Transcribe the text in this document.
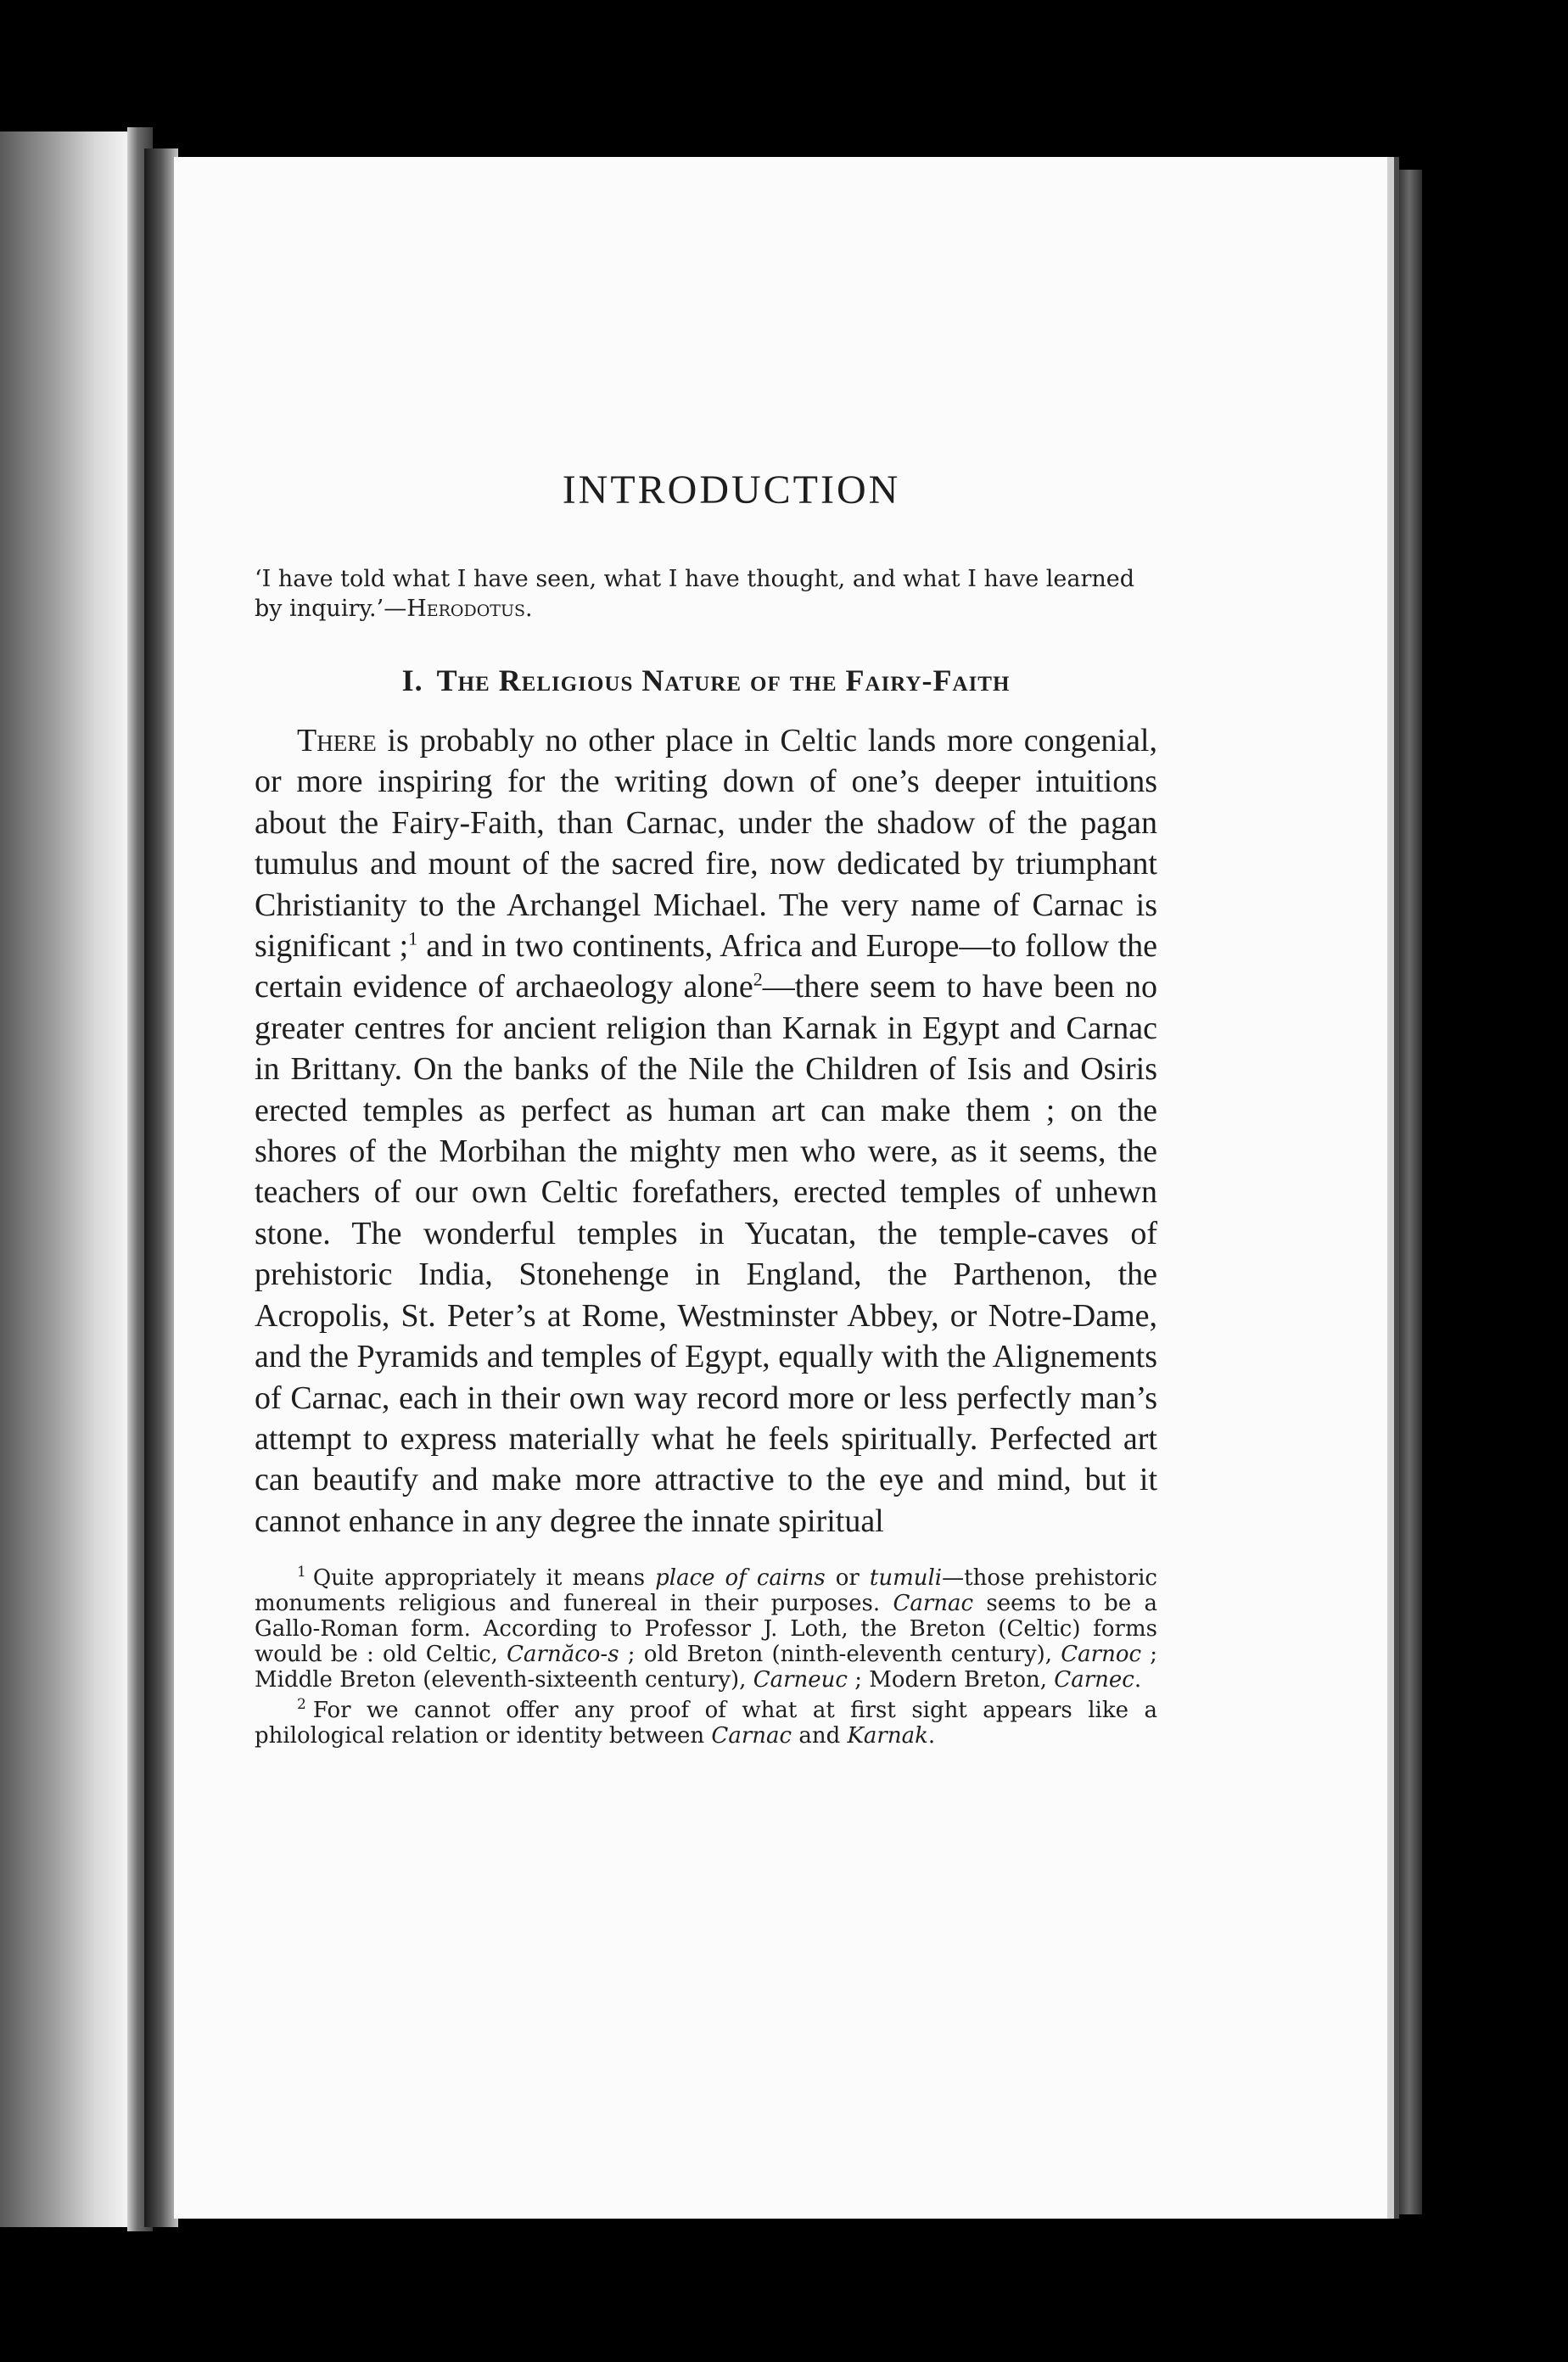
INTRODUCTION

‘I have told what I have seen, what I have thought, and what I have learned by inquiry.’—Herodotus.

I. The Religious Nature of the Fairy-Faith

There is probably no other place in Celtic lands more congenial, or more inspiring for the writing down of one’s deeper intuitions about the Fairy-Faith, than Carnac, under the shadow of the pagan tumulus and mount of the sacred fire, now dedicated by triumphant Christianity to the Archangel Michael. The very name of Carnac is significant ;$^1$ and in two continents, Africa and Europe—to follow the certain evidence of archaeology alone$^2$—there seem to have been no greater centres for ancient religion than Karnak in Egypt and Carnac in Brittany. On the banks of the Nile the Children of Isis and Osiris erected temples as perfect as human art can make them ; on the shores of the Morbihan the mighty men who were, as it seems, the teachers of our own Celtic forefathers, erected temples of unhewn stone. The wonderful temples in Yucatan, the temple-caves of prehistoric India, Stonehenge in England, the Parthenon, the Acropolis, St. Peter’s at Rome, Westminster Abbey, or Notre-Dame, and the Pyramids and temples of Egypt, equally with the Alignements of Carnac, each in their own way record more or less perfectly man’s attempt to express materially what he feels spiritually. Perfected art can beautify and make more attractive to the eye and mind, but it cannot enhance in any degree the innate spiritual

$^1$ Quite appropriately it means place of cairns or tumuli—those prehistoric monuments religious and funereal in their purposes. Carnac seems to be a Gallo-Roman form. According to Professor J. Loth, the Breton (Celtic) forms would be : old Celtic, Carnăco-s ; old Breton (ninth-eleventh century), Carnoc ; Middle Breton (eleventh-sixteenth century), Carneuc ; Modern Breton, Carnec.

$^2$ For we cannot offer any proof of what at first sight appears like a philological relation or identity between Carnac and Karnak.
